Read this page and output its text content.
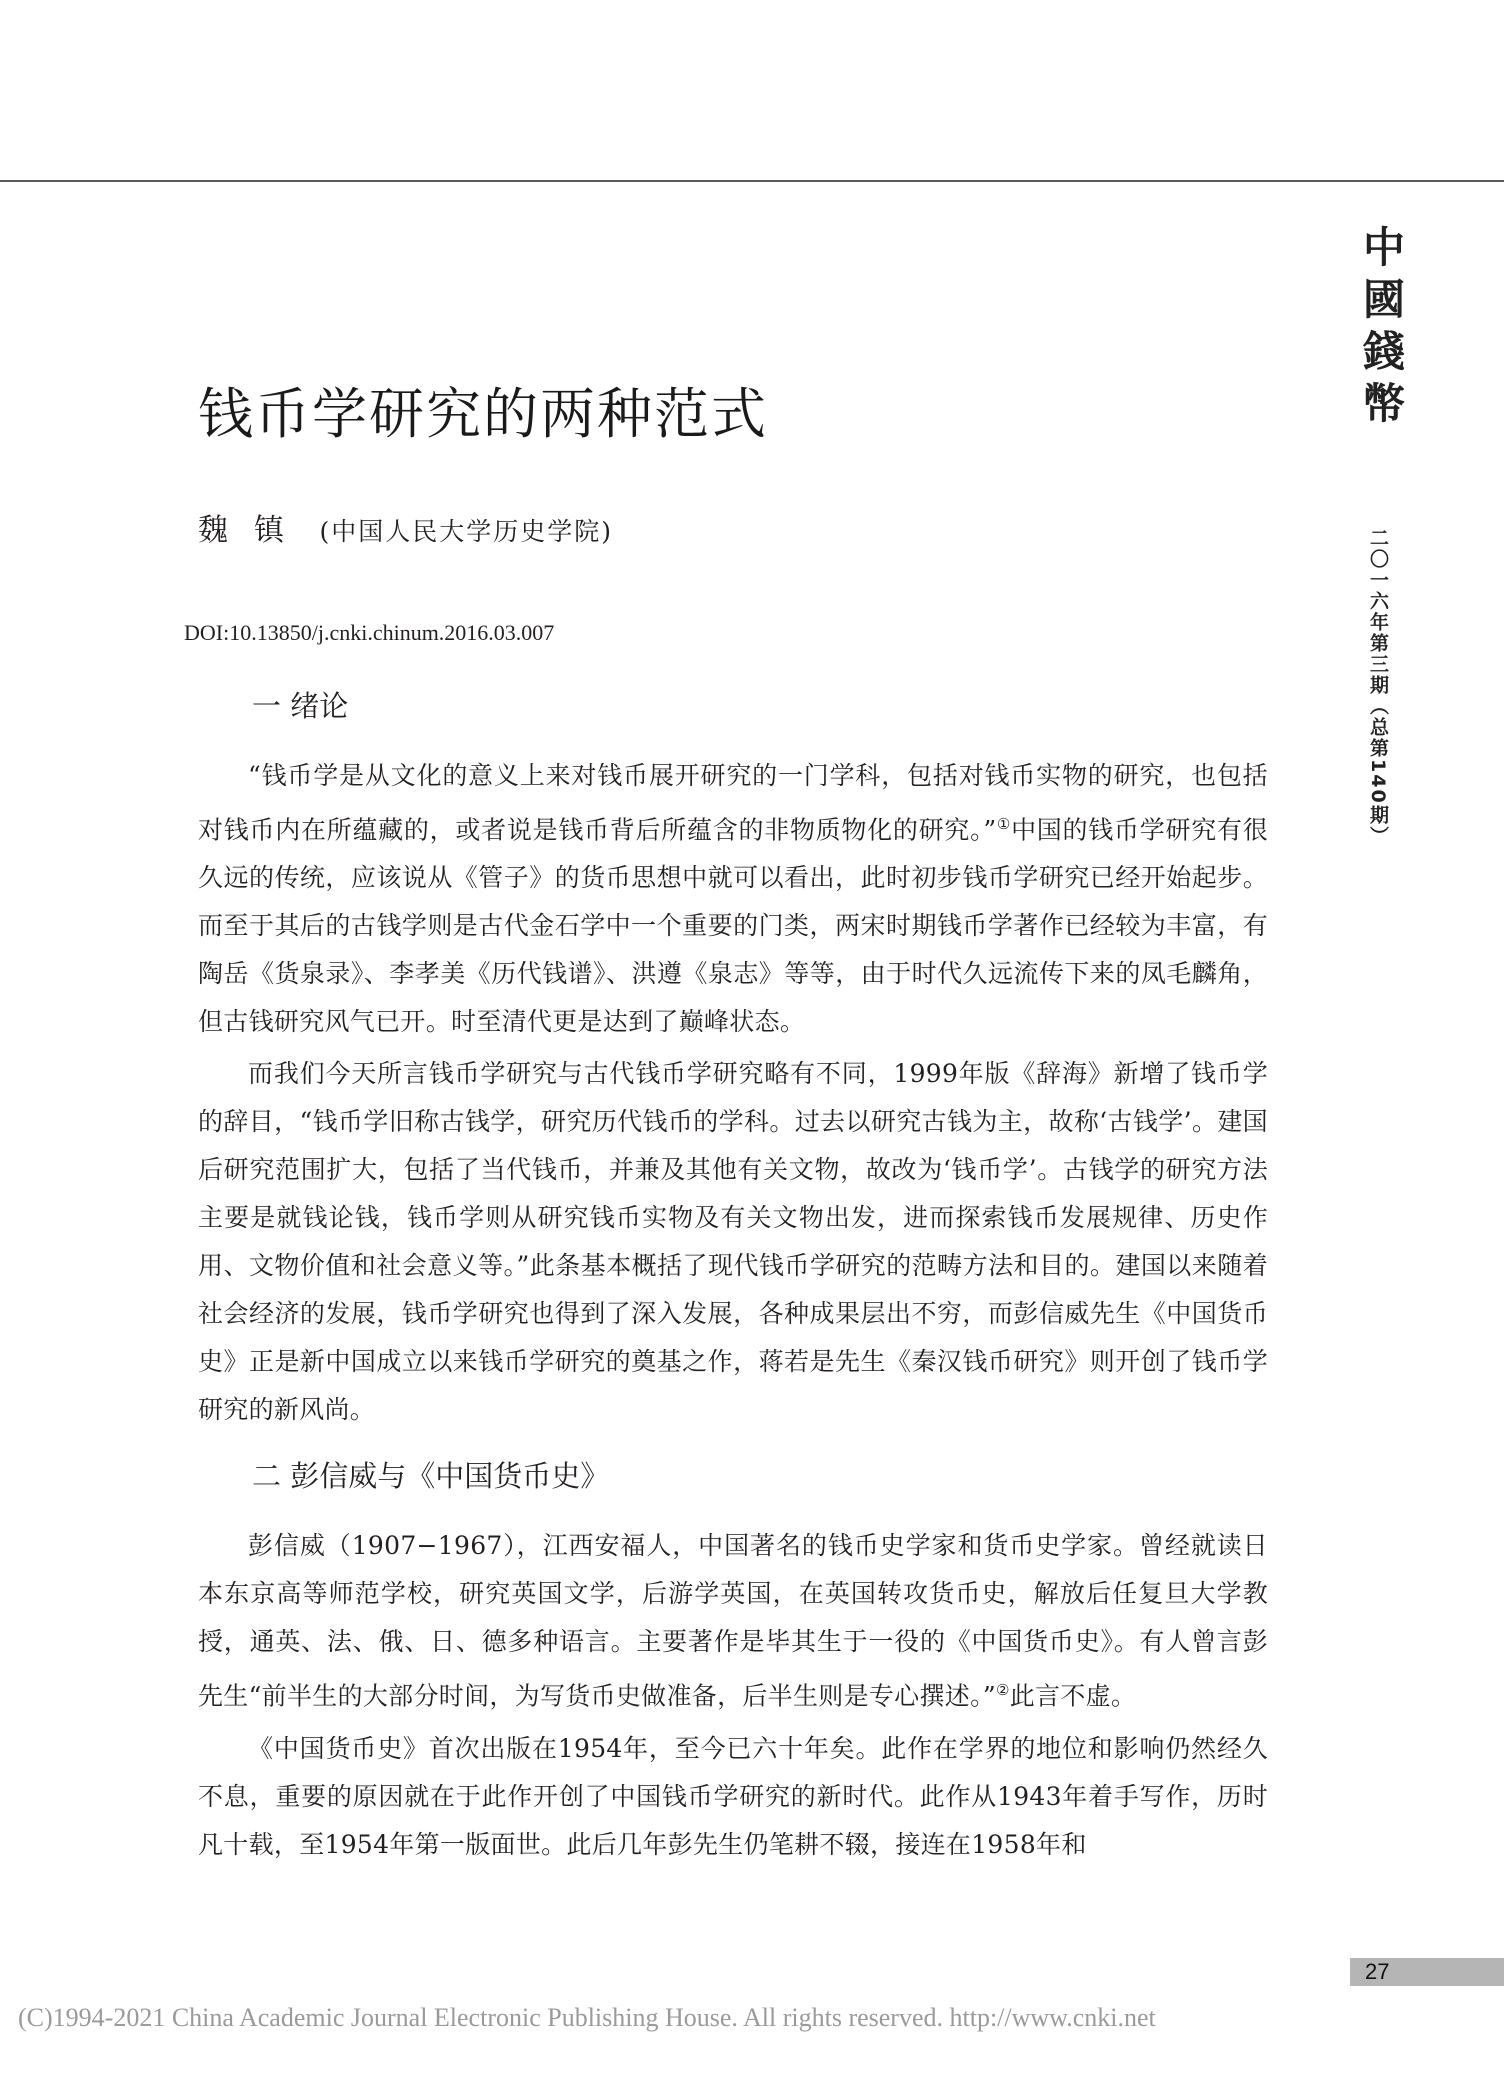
中國錢幣
二〇一六年第三期（总第140期）
钱币学研究的两种范式
魏镇 (中国人民大学历史学院)
DOI:10.13850/j.cnki.chinum.2016.03.007
一 绪论

“钱币学是从文化的意义上来对钱币展开研究的一门学科，包括对钱币实物的研究，也包括对钱币内在所蕴藏的，或者说是钱币背后所蕴含的非物质物化的研究。”①中国的钱币学研究有很久远的传统，应该说从《管子》的货币思想中就可以看出，此时初步钱币学研究已经开始起步。而至于其后的古钱学则是古代金石学中一个重要的门类，两宋时期钱币学著作已经较为丰富，有陶岳《货泉录》、李孝美《历代钱谱》、洪遵《泉志》等等，由于时代久远流传下来的凤毛麟角，但古钱研究风气已开。时至清代更是达到了巅峰状态。

而我们今天所言钱币学研究与古代钱币学研究略有不同，1999年版《辞海》新增了钱币学的辞目，“钱币学旧称古钱学，研究历代钱币的学科。过去以研究古钱为主，故称‘古钱学’。建国后研究范围扩大，包括了当代钱币，并兼及其他有关文物，故改为‘钱币学’。古钱学的研究方法主要是就钱论钱，钱币学则从研究钱币实物及有关文物出发，进而探索钱币发展规律、历史作用、文物价值和社会意义等。”此条基本概括了现代钱币学研究的范畴方法和目的。建国以来随着社会经济的发展，钱币学研究也得到了深入发展，各种成果层出不穷，而彭信威先生《中国货币史》正是新中国成立以来钱币学研究的奠基之作，蒋若是先生《秦汉钱币研究》则开创了钱币学研究的新风尚。

二 彭信威与《中国货币史》

彭信威（1907−1967），江西安福人，中国著名的钱币史学家和货币史学家。曾经就读日本东京高等师范学校，研究英国文学，后游学英国，在英国转攻货币史，解放后任复旦大学教授，通英、法、俄、日、德多种语言。主要著作是毕其生于一役的《中国货币史》。有人曾言彭先生“前半生的大部分时间，为写货币史做准备，后半生则是专心撰述。”②此言不虚。

《中国货币史》首次出版在1954年，至今已六十年矣。此作在学界的地位和影响仍然经久不息，重要的原因就在于此作开创了中国钱币学研究的新时代。此作从1943年着手写作，历时凡十载，至1954年第一版面世。此后几年彭先生仍笔耕不辍，接连在1958年和

27
(C)1994-2021 China Academic Journal Electronic Publishing House. All rights reserved. http://www.cnki.net
